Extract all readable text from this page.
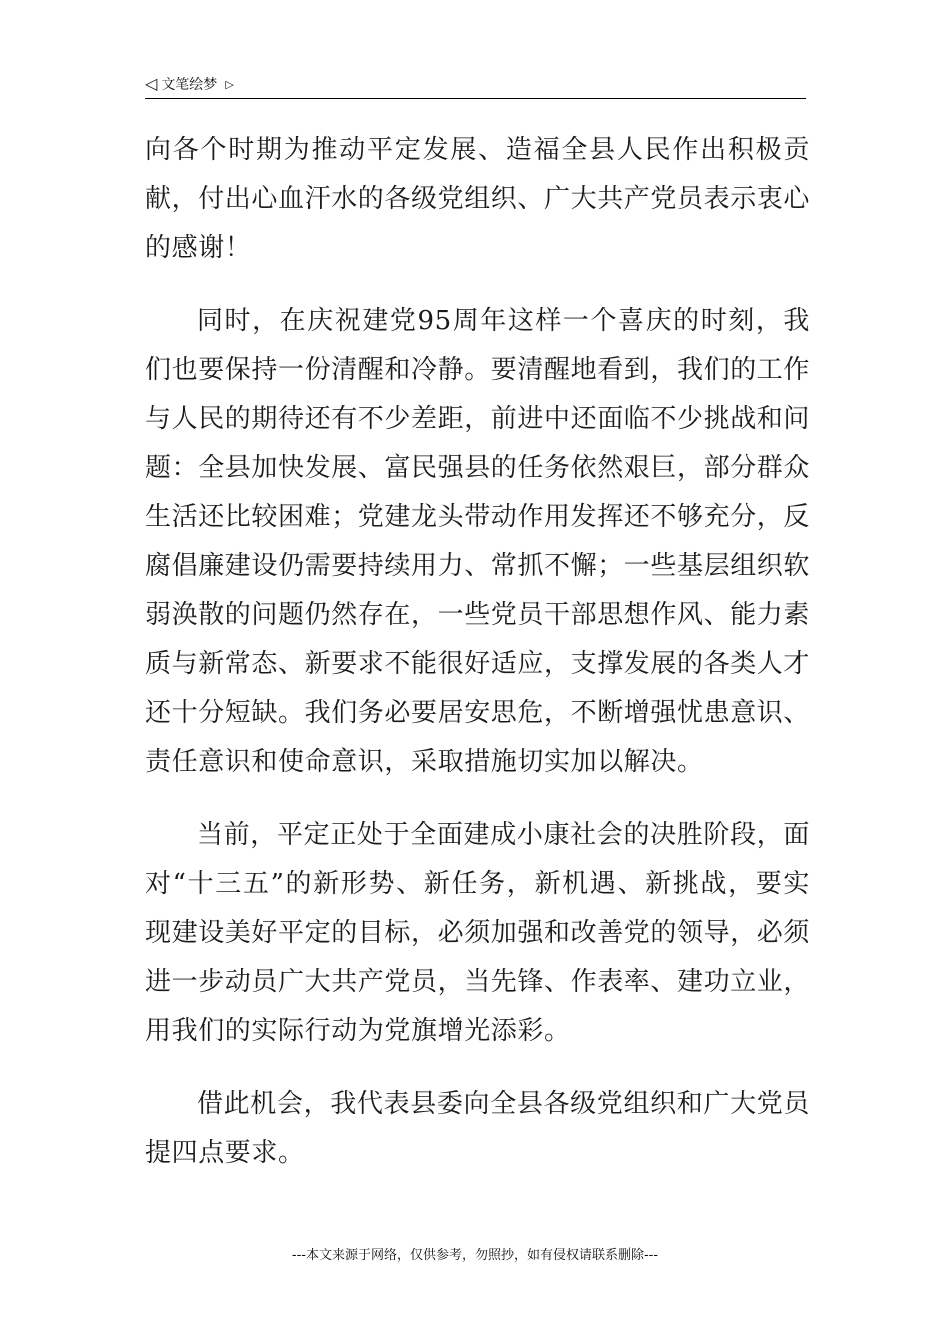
◁ 文笔绘梦 ▷

向各个时期为推动平定发展、造福全县人民作出积极贡献，付出心血汗水的各级党组织、广大共产党员表示衷心的感谢！

同时，在庆祝建党95周年这样一个喜庆的时刻，我们也要保持一份清醒和冷静。要清醒地看到，我们的工作与人民的期待还有不少差距，前进中还面临不少挑战和问题：全县加快发展、富民强县的任务依然艰巨，部分群众生活还比较困难；党建龙头带动作用发挥还不够充分，反腐倡廉建设仍需要持续用力、常抓不懈；一些基层组织软弱涣散的问题仍然存在，一些党员干部思想作风、能力素质与新常态、新要求不能很好适应，支撑发展的各类人才还十分短缺。我们务必要居安思危，不断增强忧患意识、责任意识和使命意识，采取措施切实加以解决。

当前，平定正处于全面建成小康社会的决胜阶段，面对“十三五”的新形势、新任务，新机遇、新挑战，要实现建设美好平定的目标，必须加强和改善党的领导，必须进一步动员广大共产党员，当先锋、作表率、建功立业，用我们的实际行动为党旗增光添彩。

借此机会，我代表县委向全县各级党组织和广大党员提四点要求。

---本文来源于网络，仅供参考，勿照抄，如有侵权请联系删除---
